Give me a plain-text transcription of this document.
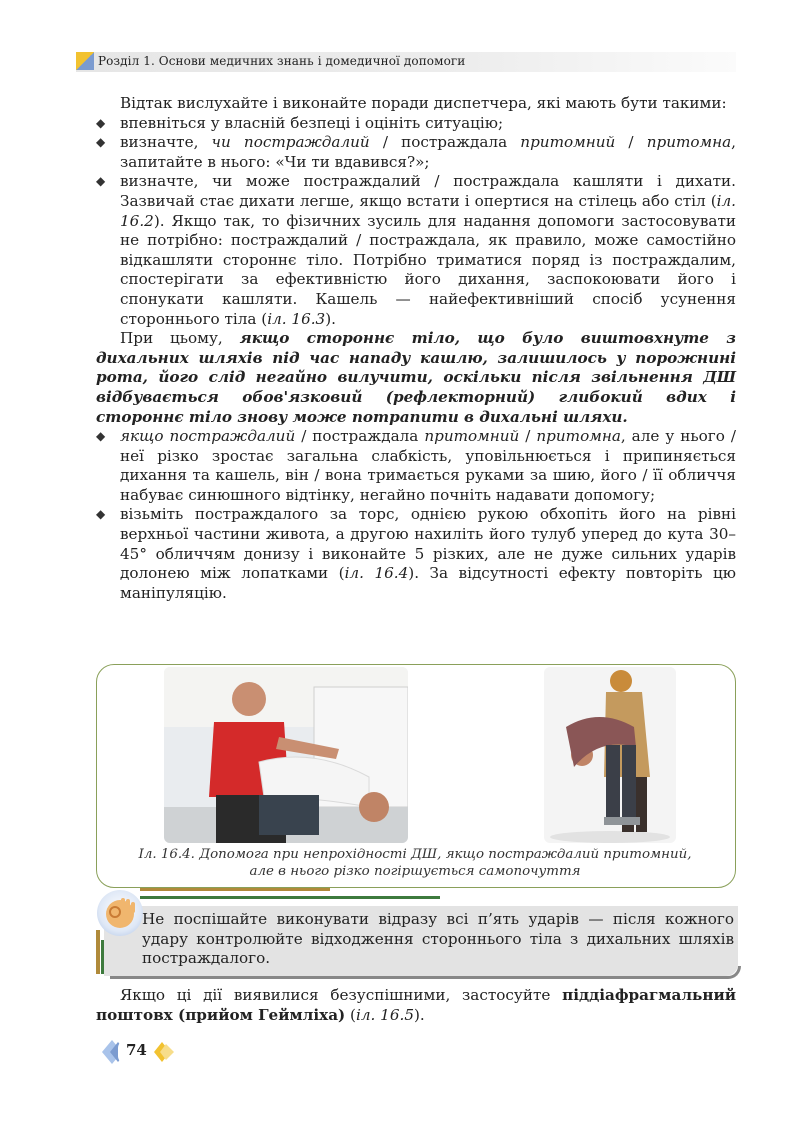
Розділ 1. Основи медичних знань і домедичної допомоги

Відтак вислухайте і виконайте поради диспетчера, які мають бути такими:

◆ впевніться у власній безпеці і оцініть ситуацію;
◆ визначте, чи постраждалий / постраждала притомний / притомна, запитайте в нього: «Чи ти вдавився?»;
◆ визначте, чи може постраждалий / постраждала кашляти і дихати. Зазвичай стає дихати легше, якщо встати і опертися на стілець або стіл (іл. 16.2). Якщо так, то фізичних зусиль для надання допомоги застосовувати не потрібно: постраждалий / постраждала, як правило, може самостійно відкашляти стороннє тіло. Потрібно триматися поряд із постраждалим, спостерігати за ефективністю його дихання, заспокоювати його і спонукати кашляти. Кашель — найефективніший спосіб усунення стороннього тіла (іл. 16.3).

При цьому, якщо стороннє тіло, що було виштовхнуте з дихальних шляхів під час нападу кашлю, залишилось у порожнині рота, його слід негайно вилучити, оскільки після звільнення ДШ відбувається обов'язковий (рефлекторний) глибокий вдих і стороннє тіло знову може потрапити в дихальні шляхи.

◆ якщо постраждалий / постраждала притомний / притомна, але у нього / неї різко зростає загальна слабкість, уповільнюється і припиняється дихання та кашель, він / вона тримається руками за шию, його / її обличчя набуває синюшного відтінку, негайно почніть надавати допомогу;
◆ візьміть постраждалого за торс, однією рукою обхопіть його на рівні верхньої частини живота, а другою нахиліть його тулуб уперед до кута 30–45° обличчям донизу і виконайте 5 різких, але не дуже сильних ударів долонею між лопатками (іл. 16.4). За відсутності ефекту повторіть цю маніпуляцію.
Іл. 16.4. Допомога при непрохідності ДШ, якщо постраждалий притомний,
але в нього різко погіршується самопочуття
Не поспішайте виконувати відразу всі п’ять ударів — після кожного удару контролюйте відходження стороннього тіла з дихальних шляхів постраждалого.

Якщо ці дії виявилися безуспішними, застосуйте піддіафрагмальний поштовх (прийом Геймліха) (іл. 16.5).

74
